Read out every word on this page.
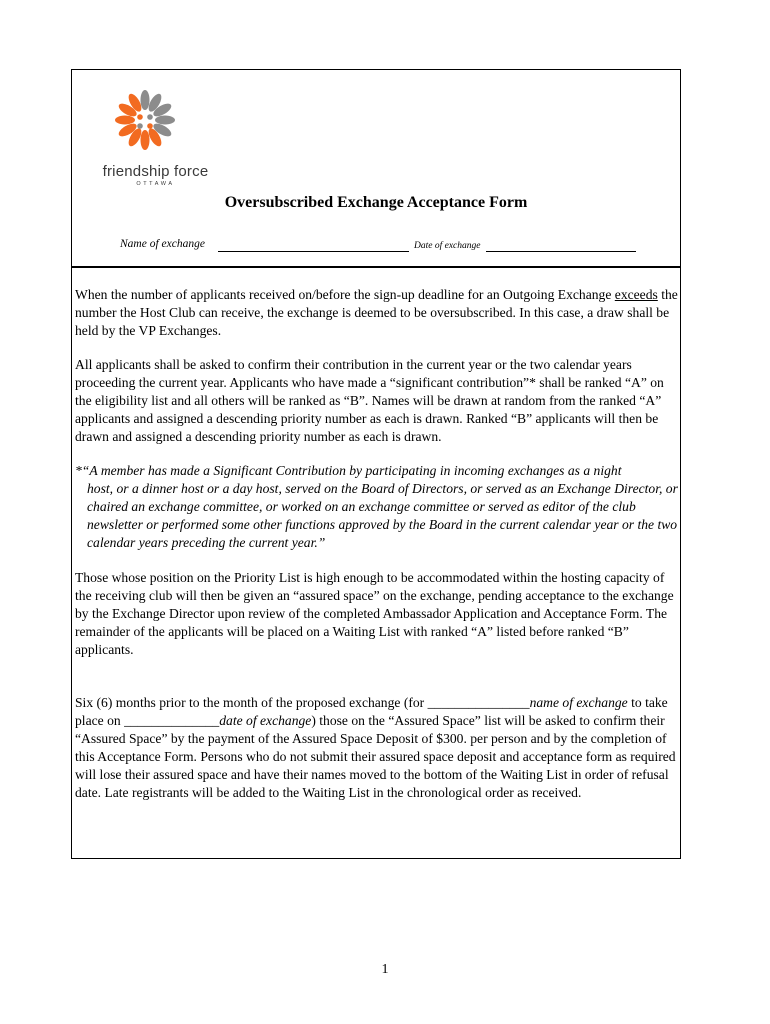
friendship force
OTTAWA
Oversubscribed Exchange Acceptance Form
Name of exchange	Date of exchange

When the number of applicants received on/before the sign-up deadline for an Outgoing Exchange exceeds the number the Host Club can receive, the exchange is deemed to be oversubscribed. In this case, a draw shall be held by the VP Exchanges.

All applicants shall be asked to confirm their contribution in the current year or the two calendar years proceeding the current year. Applicants who have made a “significant contribution”* shall be ranked “A” on the eligibility list and all others will be ranked as “B”. Names will be drawn at random from the ranked “A” applicants and assigned a descending priority number as each is drawn. Ranked “B” applicants will then be drawn and assigned a descending priority number as each is drawn.

*“A member has made a Significant Contribution by participating in incoming exchanges as a night
host, or a dinner host or a day host, served on the Board of Directors, or served as an Exchange Director, or chaired an exchange committee, or worked on an exchange committee or served as editor of the club newsletter or performed some other functions approved by the Board in the current calendar year or the two calendar years preceding the current year.”

Those whose position on the Priority List is high enough to be accommodated within the hosting capacity of the receiving club will then be given an “assured space” on the exchange, pending acceptance to the exchange by the Exchange Director upon review of the completed Ambassador Application and Acceptance Form. The remainder of the applicants will be placed on a Waiting List with ranked “A” listed before ranked “B” applicants.

Six (6) months prior to the month of the proposed exchange (for _______________name of exchange to take place on ______________date of exchange) those on the “Assured Space” list will be asked to confirm their “Assured Space” by the payment of the Assured Space Deposit of $300. per person and by the completion of this Acceptance Form. Persons who do not submit their assured space deposit and acceptance form as required will lose their assured space and have their names moved to the bottom of the Waiting List in order of refusal date. Late registrants will be added to the Waiting List in the chronological order as received.

1
